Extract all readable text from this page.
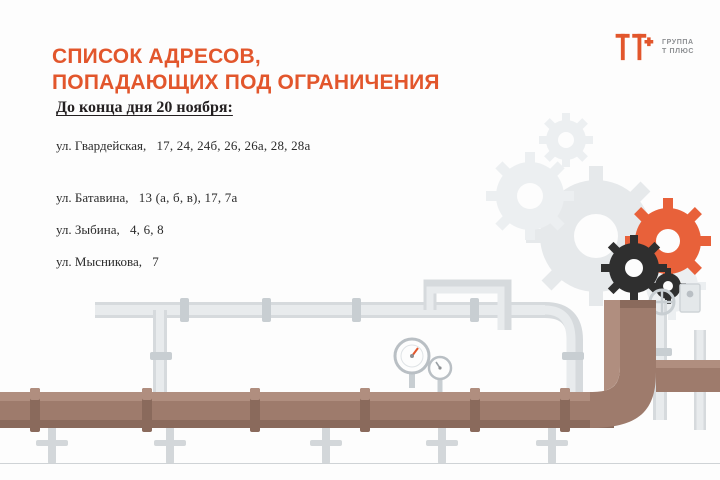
ГРУППА
Т ПЛЮС
СПИСОК АДРЕСОВ,
ПОПАДАЮЩИХ ПОД ОГРАНИЧЕНИЯ
До конца дня 20 ноября:
ул. Гвардейская, 17, 24, 24б, 26, 26а, 28, 28а
ул. Батавина, 13 (а, б, в), 17, 7а
ул. Зыбина, 4, 6, 8
ул. Мысникова, 7
